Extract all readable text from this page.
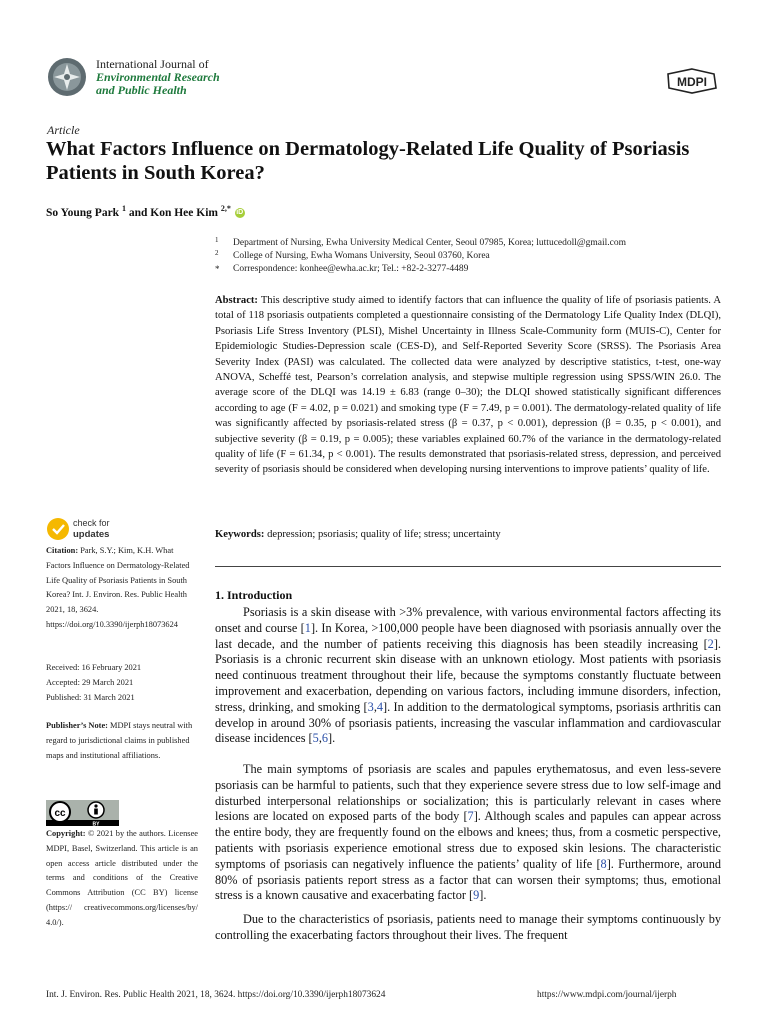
International Journal of
Environmental Research
and Public Health
MDPI
Article
What Factors Influence on Dermatology-Related Life Quality of Psoriasis Patients in South Korea?
So Young Park $^1$ and Kon Hee Kim $^{2,*}$ iD
1 Department of Nursing, Ewha University Medical Center, Seoul 07985, Korea; luttucedoll@gmail.com
2 College of Nursing, Ewha Womans University, Seoul 03760, Korea
* Correspondence: konhee@ewha.ac.kr; Tel.: +82-2-3277-4489
Abstract: This descriptive study aimed to identify factors that can influence the quality of life of psoriasis patients. A total of 118 psoriasis outpatients completed a questionnaire consisting of the Dermatology Life Quality Index (DLQI), Psoriasis Life Stress Inventory (PLSI), Mishel Uncertainty in Illness Scale-Community form (MUIS-C), Center for Epidemiologic Studies-Depression scale (CES-D), and Self-Reported Severity Score (SRSS). The Psoriasis Area Severity Index (PASI) was calculated. The collected data were analyzed by descriptive statistics, t-test, one-way ANOVA, Scheffé test, Pearson’s correlation analysis, and stepwise multiple regression using SPSS/WIN 26.0. The average score of the DLQI was 14.19 ± 6.83 (range 0–30); the DLQI showed statistically significant differences according to age (F = 4.02, p = 0.021) and smoking type (F = 7.49, p = 0.001). The dermatology-related quality of life was significantly affected by psoriasis-related stress (β = 0.37, p < 0.001), depression (β = 0.35, p < 0.001), and subjective severity (β = 0.19, p = 0.005); these variables explained 60.7% of the variance in the dermatology-related quality of life (F = 61.34, p < 0.001). The results demonstrated that psoriasis-related stress, depression, and perceived severity of psoriasis should be considered when developing nursing interventions to improve patients’ quality of life.
Keywords: depression; psoriasis; quality of life; stress; uncertainty
check for
updates
Citation: Park, S.Y.; Kim, K.H. What Factors Influence on Dermatology-Related Life Quality of Psoriasis Patients in South Korea? Int. J. Environ. Res. Public Health 2021, 18, 3624. https://doi.org/10.3390/ijerph18073624
Received: 16 February 2021
Accepted: 29 March 2021
Published: 31 March 2021
Publisher’s Note: MDPI stays neutral with regard to jurisdictional claims in published maps and institutional affiliations.
cc
BY
Copyright: © 2021 by the authors. Licensee MDPI, Basel, Switzerland. This article is an open access article distributed under the terms and conditions of the Creative Commons Attribution (CC BY) license (https:// creativecommons.org/licenses/by/ 4.0/).
1. Introduction
Psoriasis is a skin disease with >3% prevalence, with various environmental factors affecting its onset and course [1]. In Korea, >100,000 people have been diagnosed with psoriasis annually over the last decade, and the number of patients receiving this diagnosis has been steadily increasing [2]. Psoriasis is a chronic recurrent skin disease with an unknown etiology. Most patients with psoriasis need continuous treatment throughout their life, because the symptoms constantly fluctuate between improvement and exacerbation, depending on various factors, including immune disorders, infection, stress, drinking, and smoking [3,4]. In addition to the dermatological symptoms, psoriasis arthritis can develop in around 30% of psoriasis patients, increasing the vascular inflammation and cardiovascular disease incidences [5,6].
The main symptoms of psoriasis are scales and papules erythematosus, and even less-severe psoriasis can be harmful to patients, such that they experience severe stress due to low self-image and disturbed interpersonal relationships or socialization; this is particularly relevant in cases where lesions are located on exposed parts of the body [7]. Although scales and papules can appear across the entire body, they are frequently found on the elbows and knees; thus, from a cosmetic perspective, patients with psoriasis experience emotional stress due to exposed skin lesions. The characteristic symptoms of psoriasis can negatively influence the patients’ quality of life [8]. Furthermore, around 80% of psoriasis patients report stress as a factor that can worsen their symptoms; thus, emotional stress is a known causative and exacerbating factor [9].
Due to the characteristics of psoriasis, patients need to manage their symptoms continuously by controlling the exacerbating factors throughout their lives. The frequent
Int. J. Environ. Res. Public Health 2021, 18, 3624. https://doi.org/10.3390/ijerph18073624	https://www.mdpi.com/journal/ijerph
